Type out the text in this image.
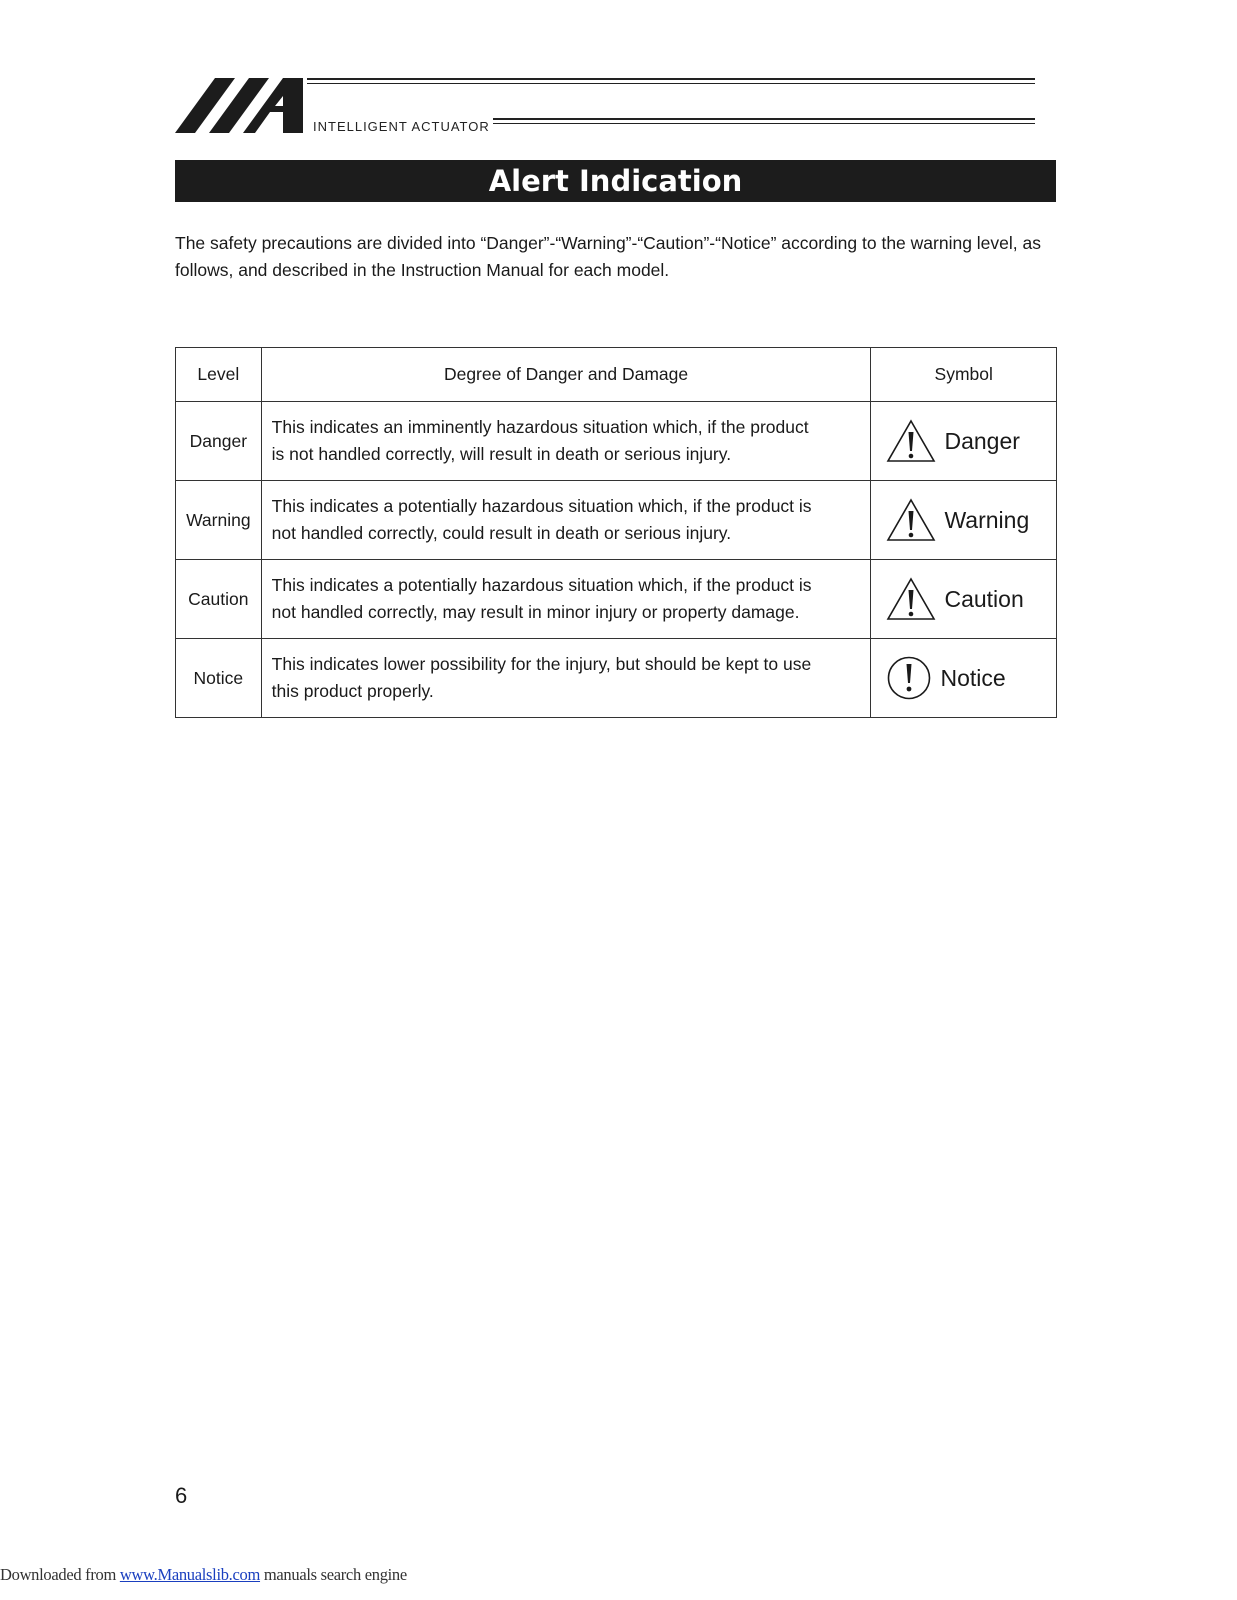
INTELLIGENT ACTUATOR
Alert Indication
The safety precautions are divided into “Danger”-“Warning”-“Caution”-“Notice” according to the warning level, as follows, and described in the Instruction Manual for each model.
Level	Degree of Danger and Damage	Symbol
Danger	This indicates an imminently hazardous situation which, if the product
is not handled correctly, will result in death or serious injury.	Danger

Warning	This indicates a potentially hazardous situation which, if the product is
not handled correctly, could result in death or serious injury.	Warning

Caution	This indicates a potentially hazardous situation which, if the product is
not handled correctly, may result in minor injury or property damage.	Caution

Notice	This indicates lower possibility for the injury, but should be kept to use
this product properly.	Notice
6
Downloaded from www.Manualslib.com manuals search engine
